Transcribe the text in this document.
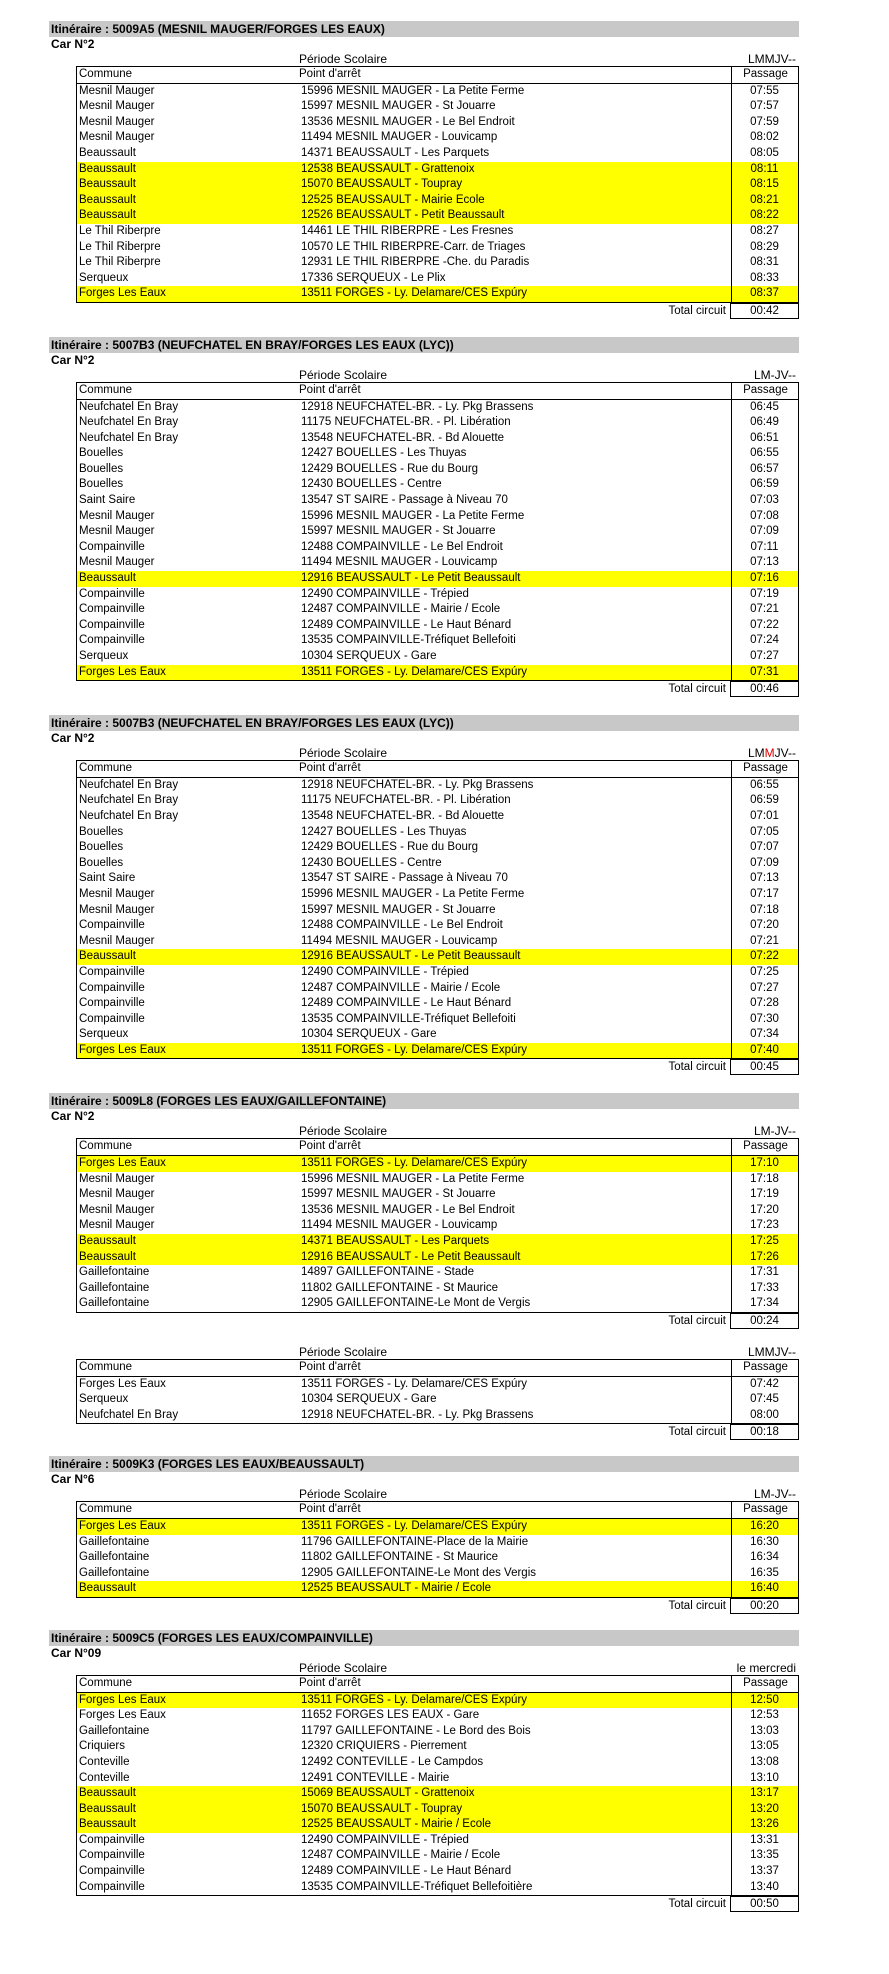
Itinéraire : 5009A5 (MESNIL MAUGER/FORGES LES EAUX)
Car N°2
Période Scolaire	LMMJV--
Commune	Point d'arrêt	Passage
Mesnil Mauger	15996 MESNIL MAUGER - La Petite Ferme	07:55
Mesnil Mauger	15997 MESNIL MAUGER - St Jouarre	07:57
Mesnil Mauger	13536 MESNIL MAUGER - Le Bel Endroit	07:59
Mesnil Mauger	11494 MESNIL MAUGER - Louvicamp	08:02
Beaussault	14371 BEAUSSAULT - Les Parquets	08:05
Beaussault	12538 BEAUSSAULT - Grattenoix	08:11
Beaussault	15070 BEAUSSAULT - Toupray	08:15
Beaussault	12525 BEAUSSAULT - Mairie Ecole	08:21
Beaussault	12526 BEAUSSAULT - Petit Beaussault	08:22
Le Thil Riberpre	14461 LE THIL RIBERPRE - Les Fresnes	08:27
Le Thil Riberpre	10570 LE THIL RIBERPRE-Carr. de Triages	08:29
Le Thil Riberpre	12931 LE THIL RIBERPRE -Che. du Paradis	08:31
Serqueux	17336 SERQUEUX - Le Plix	08:33
Forges Les Eaux	13511 FORGES - Ly. Delamare/CES Expúry	08:37
Total circuit	00:42
Itinéraire : 5007B3 (NEUFCHATEL EN BRAY/FORGES LES EAUX (LYC))
Car N°2
Période Scolaire	LM-JV--
Commune	Point d'arrêt	Passage
Neufchatel En Bray	12918 NEUFCHATEL-BR. - Ly. Pkg Brassens	06:45
Neufchatel En Bray	11175 NEUFCHATEL-BR. - Pl. Libération	06:49
Neufchatel En Bray	13548 NEUFCHATEL-BR. - Bd Alouette	06:51
Bouelles	12427 BOUELLES - Les Thuyas	06:55
Bouelles	12429 BOUELLES - Rue du Bourg	06:57
Bouelles	12430 BOUELLES - Centre	06:59
Saint Saire	13547 ST SAIRE - Passage à Niveau 70	07:03
Mesnil Mauger	15996 MESNIL MAUGER - La Petite Ferme	07:08
Mesnil Mauger	15997 MESNIL MAUGER - St Jouarre	07:09
Compainville	12488 COMPAINVILLE - Le Bel Endroit	07:11
Mesnil Mauger	11494 MESNIL MAUGER - Louvicamp	07:13
Beaussault	12916 BEAUSSAULT - Le Petit Beaussault	07:16
Compainville	12490 COMPAINVILLE - Trépied	07:19
Compainville	12487 COMPAINVILLE - Mairie / Ecole	07:21
Compainville	12489 COMPAINVILLE - Le Haut Bénard	07:22
Compainville	13535 COMPAINVILLE-Tréfiquet Bellefoiti	07:24
Serqueux	10304 SERQUEUX - Gare	07:27
Forges Les Eaux	13511 FORGES - Ly. Delamare/CES Expúry	07:31
Total circuit	00:46
Itinéraire : 5007B3 (NEUFCHATEL EN BRAY/FORGES LES EAUX (LYC))
Car N°2
Période Scolaire	LMMJV--
Commune	Point d'arrêt	Passage
Neufchatel En Bray	12918 NEUFCHATEL-BR. - Ly. Pkg Brassens	06:55
Neufchatel En Bray	11175 NEUFCHATEL-BR. - Pl. Libération	06:59
Neufchatel En Bray	13548 NEUFCHATEL-BR. - Bd Alouette	07:01
Bouelles	12427 BOUELLES - Les Thuyas	07:05
Bouelles	12429 BOUELLES - Rue du Bourg	07:07
Bouelles	12430 BOUELLES - Centre	07:09
Saint Saire	13547 ST SAIRE - Passage à Niveau 70	07:13
Mesnil Mauger	15996 MESNIL MAUGER - La Petite Ferme	07:17
Mesnil Mauger	15997 MESNIL MAUGER - St Jouarre	07:18
Compainville	12488 COMPAINVILLE - Le Bel Endroit	07:20
Mesnil Mauger	11494 MESNIL MAUGER - Louvicamp	07:21
Beaussault	12916 BEAUSSAULT - Le Petit Beaussault	07:22
Compainville	12490 COMPAINVILLE - Trépied	07:25
Compainville	12487 COMPAINVILLE - Mairie / Ecole	07:27
Compainville	12489 COMPAINVILLE - Le Haut Bénard	07:28
Compainville	13535 COMPAINVILLE-Tréfiquet Bellefoiti	07:30
Serqueux	10304 SERQUEUX - Gare	07:34
Forges Les Eaux	13511 FORGES - Ly. Delamare/CES Expúry	07:40
Total circuit	00:45
Itinéraire : 5009L8 (FORGES LES EAUX/GAILLEFONTAINE)
Car N°2
Période Scolaire	LM-JV--
Commune	Point d'arrêt	Passage
Forges Les Eaux	13511 FORGES - Ly. Delamare/CES Expúry	17:10
Mesnil Mauger	15996 MESNIL MAUGER - La Petite Ferme	17:18
Mesnil Mauger	15997 MESNIL MAUGER - St Jouarre	17:19
Mesnil Mauger	13536 MESNIL MAUGER - Le Bel Endroit	17:20
Mesnil Mauger	11494 MESNIL MAUGER - Louvicamp	17:23
Beaussault	14371 BEAUSSAULT - Les Parquets	17:25
Beaussault	12916 BEAUSSAULT - Le Petit Beaussault	17:26
Gaillefontaine	14897 GAILLEFONTAINE - Stade	17:31
Gaillefontaine	11802 GAILLEFONTAINE - St Maurice	17:33
Gaillefontaine	12905 GAILLEFONTAINE-Le Mont de Vergis	17:34
Total circuit	00:24
Période Scolaire	LMMJV--
Commune	Point d'arrêt	Passage
Forges Les Eaux	13511 FORGES - Ly. Delamare/CES Expúry	07:42
Serqueux	10304 SERQUEUX - Gare	07:45
Neufchatel En Bray	12918 NEUFCHATEL-BR. - Ly. Pkg Brassens	08:00
Total circuit	00:18
Itinéraire : 5009K3 (FORGES LES EAUX/BEAUSSAULT)
Car N°6
Période Scolaire	LM-JV--
Commune	Point d'arrêt	Passage
Forges Les Eaux	13511 FORGES - Ly. Delamare/CES Expúry	16:20
Gaillefontaine	11796 GAILLEFONTAINE-Place de la Mairie	16:30
Gaillefontaine	11802 GAILLEFONTAINE - St Maurice	16:34
Gaillefontaine	12905 GAILLEFONTAINE-Le Mont des Vergis	16:35
Beaussault	12525 BEAUSSAULT - Mairie / Ecole	16:40
Total circuit	00:20
Itinéraire : 5009C5 (FORGES LES EAUX/COMPAINVILLE)
Car N°09
Période Scolaire	le mercredi
Commune	Point d'arrêt	Passage
Forges Les Eaux	13511 FORGES - Ly. Delamare/CES Expúry	12:50
Forges Les Eaux	11652 FORGES LES EAUX - Gare	12:53
Gaillefontaine	11797 GAILLEFONTAINE - Le Bord des Bois	13:03
Criquiers	12320 CRIQUIERS - Pierrement	13:05
Conteville	12492 CONTEVILLE - Le Campdos	13:08
Conteville	12491 CONTEVILLE - Mairie	13:10
Beaussault	15069 BEAUSSAULT - Grattenoix	13:17
Beaussault	15070 BEAUSSAULT - Toupray	13:20
Beaussault	12525 BEAUSSAULT - Mairie / Ecole	13:26
Compainville	12490 COMPAINVILLE - Trépied	13:31
Compainville	12487 COMPAINVILLE - Mairie / Ecole	13:35
Compainville	12489 COMPAINVILLE - Le Haut Bénard	13:37
Compainville	13535 COMPAINVILLE-Tréfiquet Bellefoitière	13:40
Total circuit	00:50
